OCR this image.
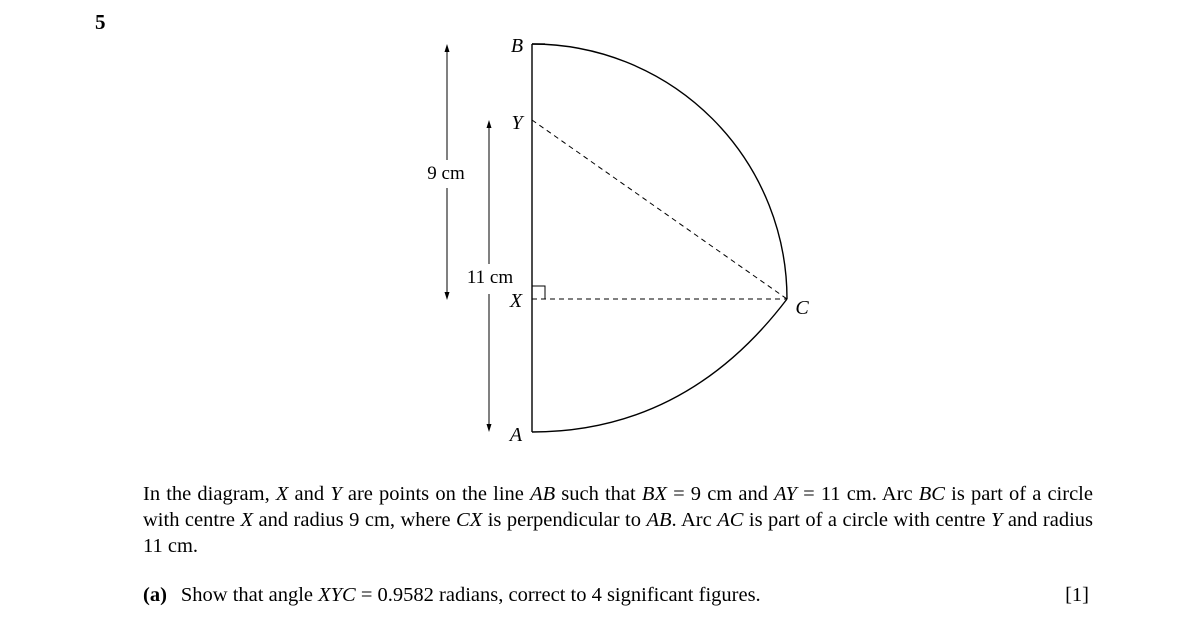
5
9 cm
11 cm
B
Y
X	C
A
In the diagram, X and Y are points on the line AB such that BX = 9 cm and AY = 11 cm. Arc BC is part of a circle with centre X and radius 9 cm, where CX is perpendicular to AB. Arc AC is part of a circle with centre Y and radius 11 cm.
(a) Show that angle XYC = 0.9582 radians, correct to 4 significant figures.	[1]
